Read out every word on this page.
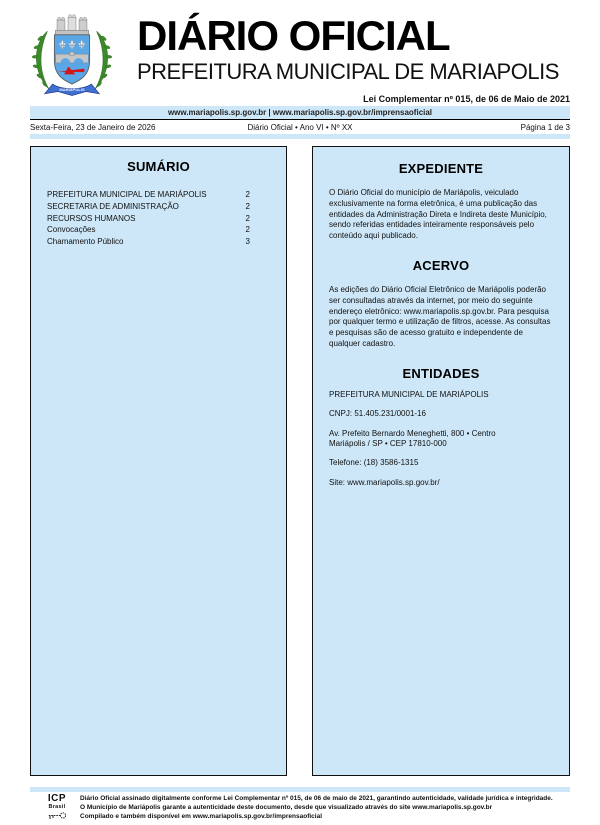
MARIÁPOLIS
DIÁRIO OFICIAL
PREFEITURA MUNICIPAL DE MARIAPOLIS
Lei Complementar nº 015, de 06 de Maio de 2021
www.mariapolis.sp.gov.br | www.mariapolis.sp.gov.br/imprensaoficial
Sexta-Feira, 23 de Janeiro de 2026	Diário Oficial • Ano VI • Nº XX	Página 1 de 3
SUMÁRIO
PREFEITURA MUNICIPAL DE MARIÁPOLIS	2
SECRETARIA DE ADMINISTRAÇÃO	2
RECURSOS HUMANOS	2
Convocações	2
Chamamento Público	3
EXPEDIENTE

O Diário Oficial do município de Mariápolis, veiculado exclusivamente na forma eletrônica, é uma publicação das entidades da Administração Direta e Indireta deste Município, sendo referidas entidades inteiramente responsáveis pelo conteúdo aqui publicado.

ACERVO

As edições do Diário Oficial Eletrônico de Mariápolis poderão ser consultadas através da internet, por meio do seguinte endereço eletrônico: www.mariapolis.sp.gov.br. Para pesquisa por qualquer termo e utilização de filtros, acesse. As consultas e pesquisas são de acesso gratuito e independente de qualquer cadastro.

ENTIDADES
PREFEITURA MUNICIPAL DE MARIÁPOLIS
CNPJ: 51.405.231/0001-16
Av. Prefeito Bernardo Meneghetti, 800 • Centro Mariápolis / SP • CEP 17810-000
Telefone: (18) 3586-1315
Site: www.mariapolis.sp.gov.br/
ICP
Brasil
Diário Oficial assinado digitalmente conforme Lei Complementar nº 015, de 06 de maio de 2021, garantindo autenticidade, validade jurídica e integridade.
O Município de Mariápolis garante a autenticidade deste documento, desde que visualizado através do site www.mariapolis.sp.gov.br
Compilado e também disponível em www.mariapolis.sp.gov.br/imprensaoficial
